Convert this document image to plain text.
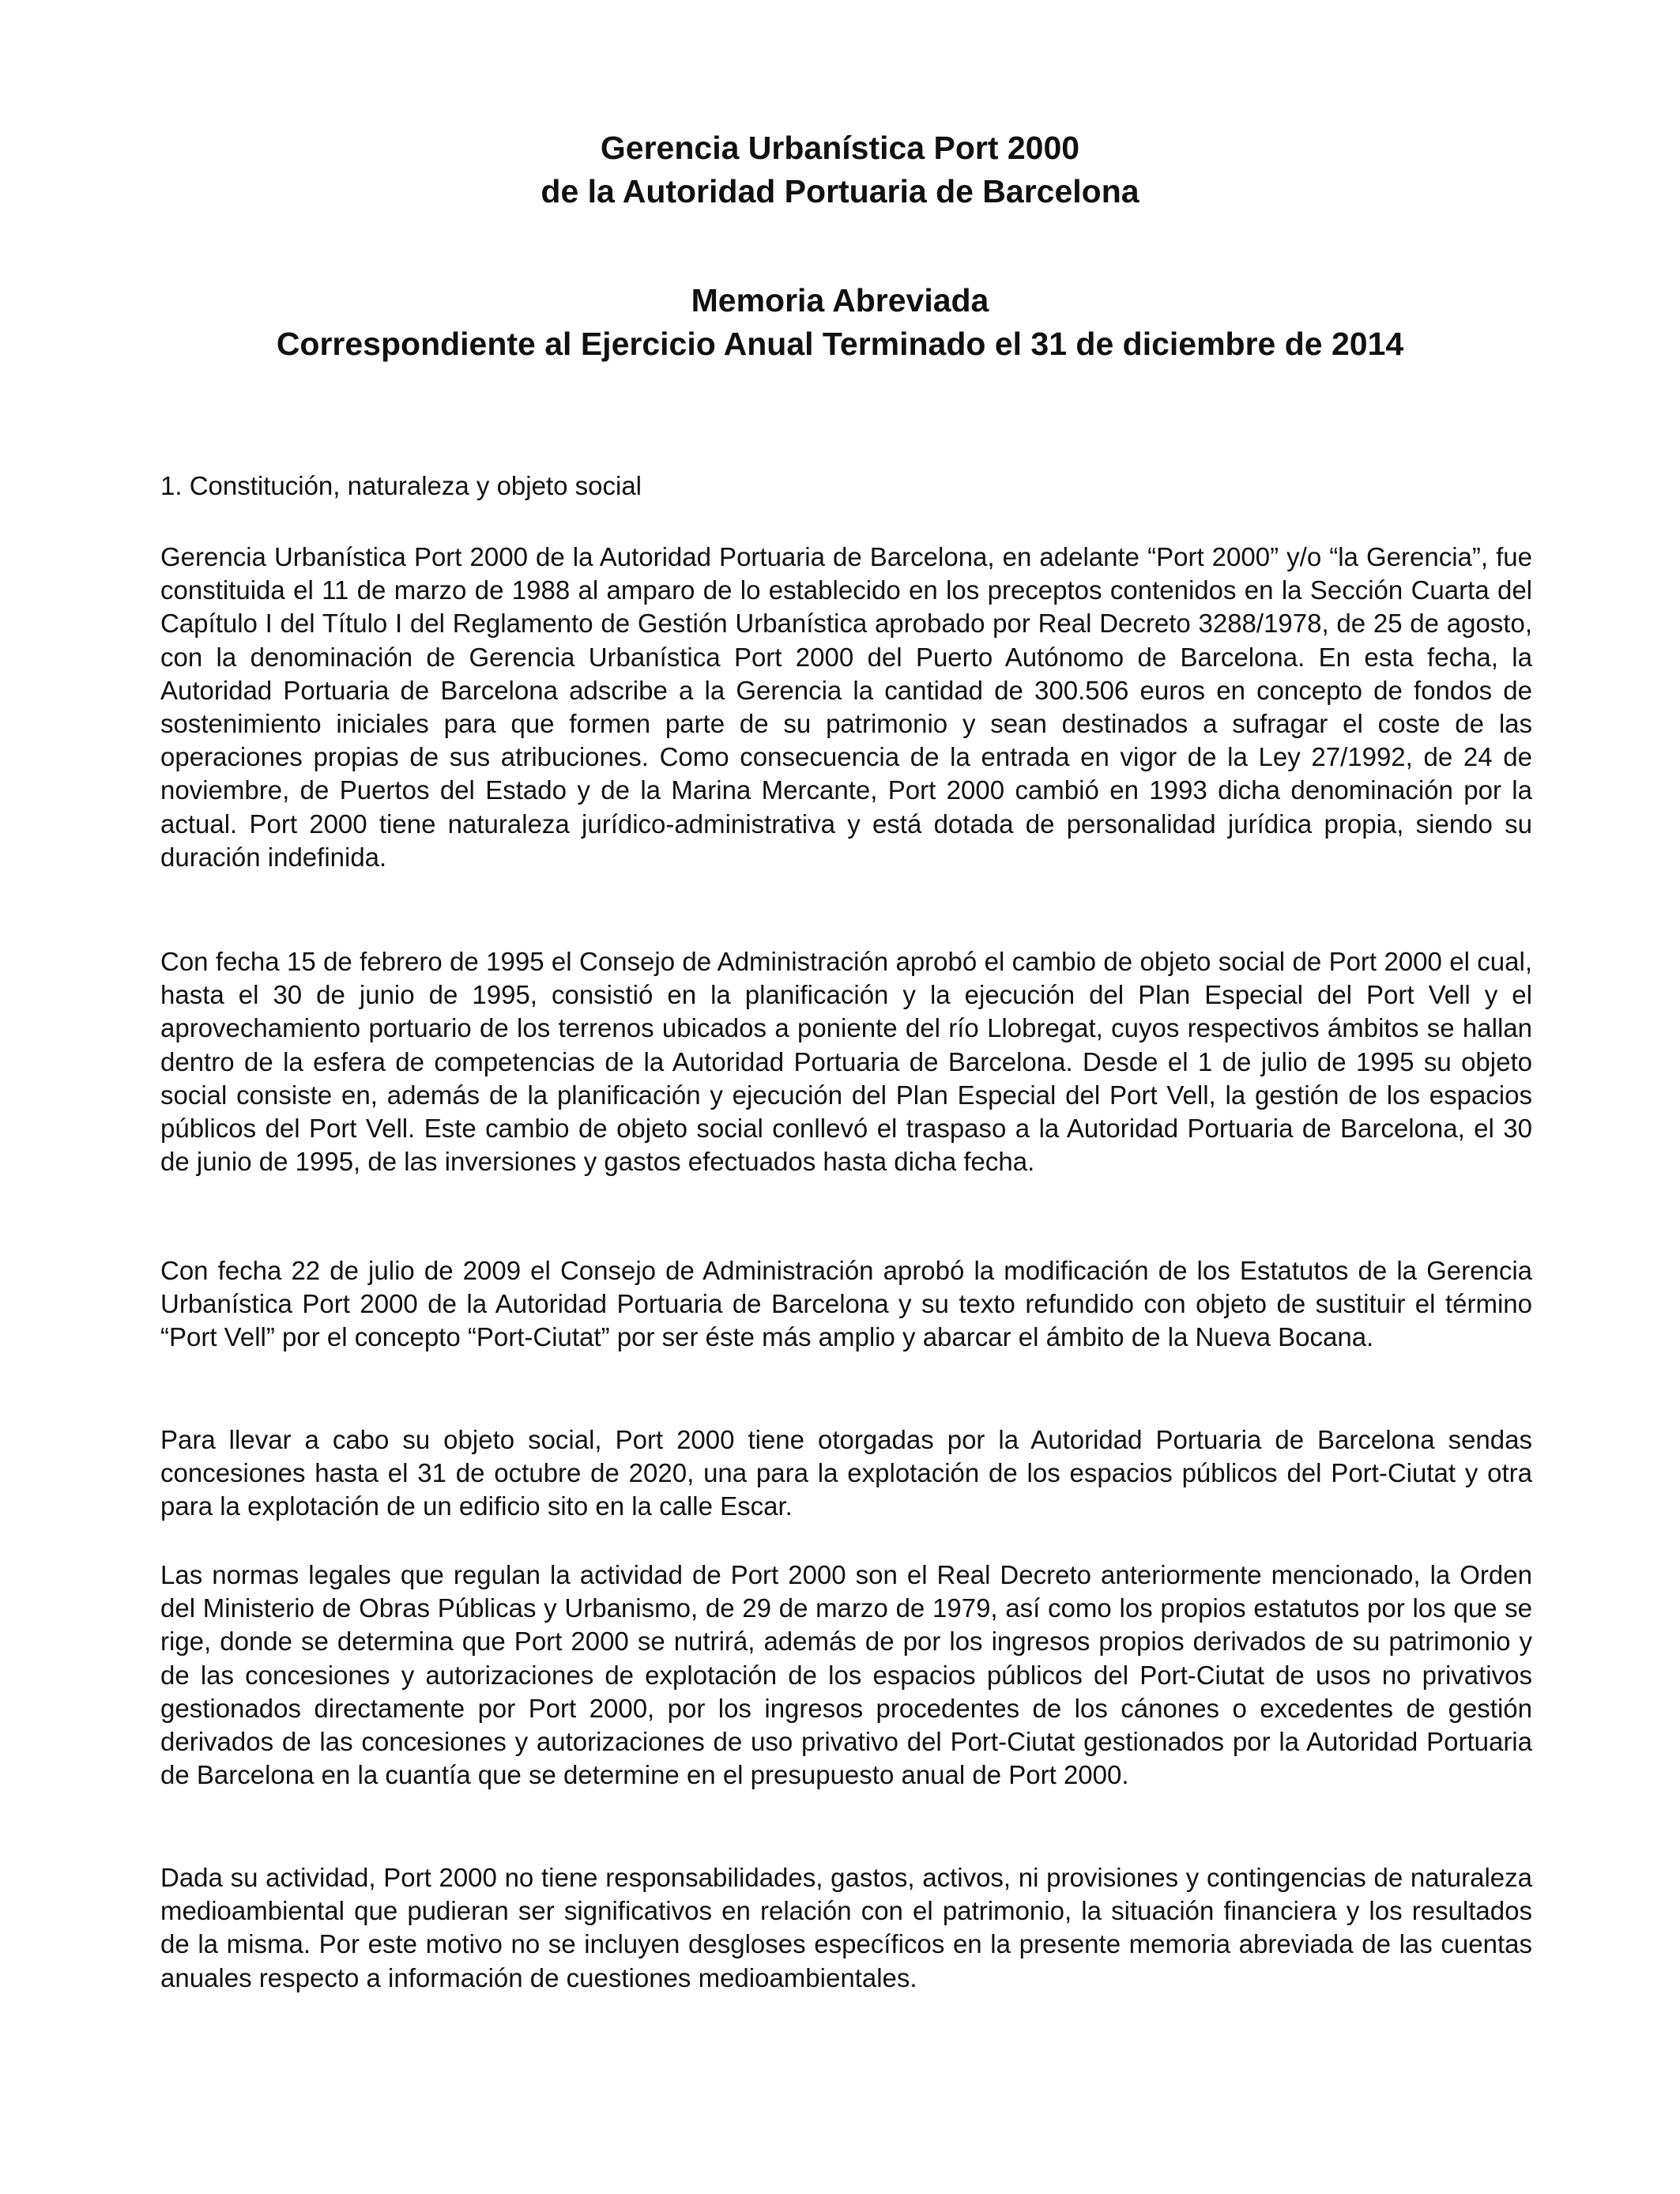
Gerencia Urbanística Port 2000
de la Autoridad Portuaria de Barcelona
Memoria Abreviada
Correspondiente al Ejercicio Anual Terminado el 31 de diciembre de 2014
1. Constitución, naturaleza y objeto social

Gerencia Urbanística Port 2000 de la Autoridad Portuaria de Barcelona, en adelante “Port 2000” y/o “la Gerencia”, fue constituida el 11 de marzo de 1988 al amparo de lo establecido en los preceptos contenidos en la Sección Cuarta del Capítulo I del Título I del Reglamento de Gestión Urbanística aprobado por Real Decreto 3288/1978, de 25 de agosto, con la denominación de Gerencia Urbanística Port 2000 del Puerto Autónomo de Barcelona. En esta fecha, la Autoridad Portuaria de Barcelona adscribe a la Gerencia la cantidad de 300.506 euros en concepto de fondos de sostenimiento iniciales para que formen parte de su patrimonio y sean destinados a sufragar el coste de las operaciones propias de sus atribuciones. Como consecuencia de la entrada en vigor de la Ley 27/1992, de 24 de noviembre, de Puertos del Estado y de la Marina Mercante, Port 2000 cambió en 1993 dicha denominación por la actual. Port 2000 tiene naturaleza jurídico-administrativa y está dotada de personalidad jurídica propia, siendo su duración indefinida.

Con fecha 15 de febrero de 1995 el Consejo de Administración aprobó el cambio de objeto social de Port 2000 el cual, hasta el 30 de junio de 1995, consistió en la planificación y la ejecución del Plan Especial del Port Vell y el aprovechamiento portuario de los terrenos ubicados a poniente del río Llobregat, cuyos respectivos ámbitos se hallan dentro de la esfera de competencias de la Autoridad Portuaria de Barcelona. Desde el 1 de julio de 1995 su objeto social consiste en, además de la planificación y ejecución del Plan Especial del Port Vell, la gestión de los espacios públicos del Port Vell. Este cambio de objeto social conllevó el traspaso a la Autoridad Portuaria de Barcelona, el 30 de junio de 1995, de las inversiones y gastos efectuados hasta dicha fecha.

Con fecha 22 de julio de 2009 el Consejo de Administración aprobó la modificación de los Estatutos de la Gerencia Urbanística Port 2000 de la Autoridad Portuaria de Barcelona y su texto refundido con objeto de sustituir el término “Port Vell” por el concepto “Port-Ciutat” por ser éste más amplio y abarcar el ámbito de la Nueva Bocana.

Para llevar a cabo su objeto social, Port 2000 tiene otorgadas por la Autoridad Portuaria de Barcelona sendas concesiones hasta el 31 de octubre de 2020, una para la explotación de los espacios públicos del Port-Ciutat y otra para la explotación de un edificio sito en la calle Escar.

Las normas legales que regulan la actividad de Port 2000 son el Real Decreto anteriormente mencionado, la Orden del Ministerio de Obras Públicas y Urbanismo, de 29 de marzo de 1979, así como los propios estatutos por los que se rige, donde se determina que Port 2000 se nutrirá, además de por los ingresos propios derivados de su patrimonio y de las concesiones y autorizaciones de explotación de los espacios públicos del Port-Ciutat de usos no privativos gestionados directamente por Port 2000, por los ingresos procedentes de los cánones o excedentes de gestión derivados de las concesiones y autorizaciones de uso privativo del Port-Ciutat gestionados por la Autoridad Portuaria de Barcelona en la cuantía que se determine en el presupuesto anual de Port 2000.

Dada su actividad, Port 2000 no tiene responsabilidades, gastos, activos, ni provisiones y contingencias de naturaleza medioambiental que pudieran ser significativos en relación con el patrimonio, la situación financiera y los resultados de la misma. Por este motivo no se incluyen desgloses específicos en la presente memoria abreviada de las cuentas anuales respecto a información de cuestiones medioambientales.
